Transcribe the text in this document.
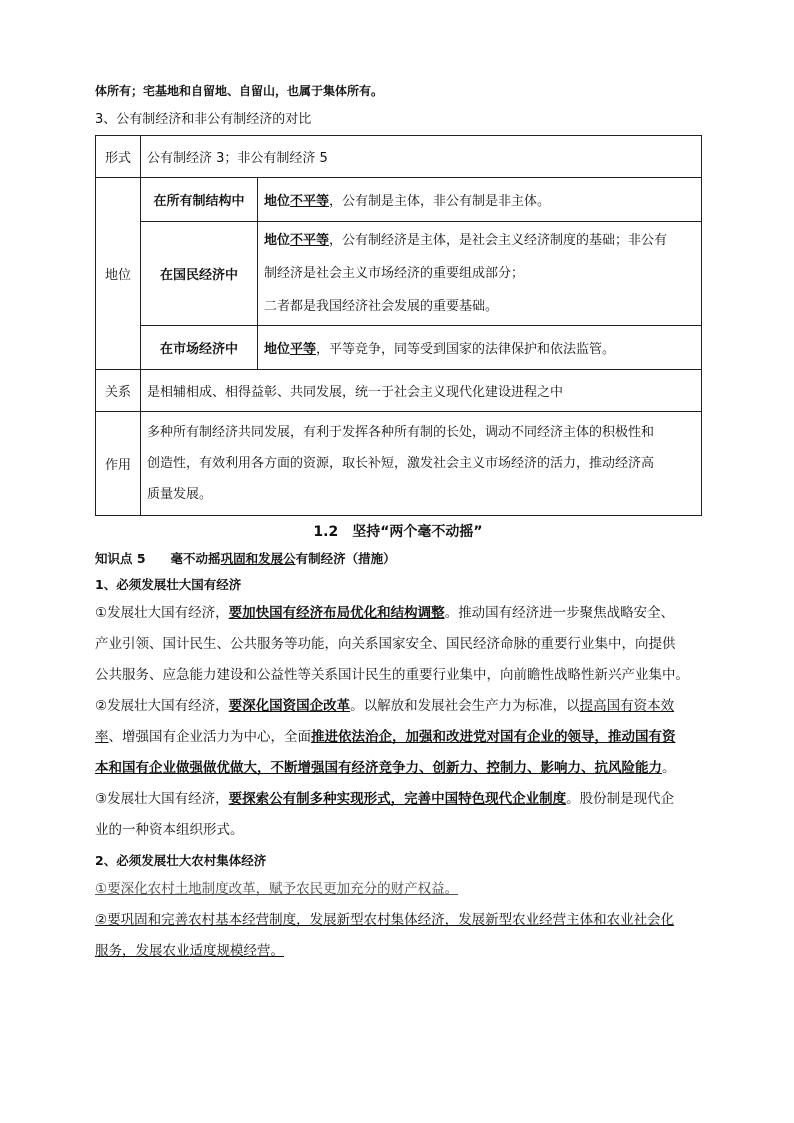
体所有；宅基地和自留地、自留山，也属于集体所有。
3、公有制经济和非公有制经济的对比
形式	公有制经济 3；非公有制经济 5	
地位	在所有制结构中	地位不平等，公有制是主体，非公有制是非主体。
	在国民经济中	地位不平等，公有制经济是主体，是社会主义经济制度的基础；非公有
制经济是社会主义市场经济的重要组成部分；
二者都是我国经济社会发展的重要基础。

	在市场经济中	地位平等，平等竞争，同等受到国家的法律保护和依法监管。
关系	是相辅相成、相得益彰、共同发展，统一于社会主义现代化建设进程之中	
作用	多种所有制经济共同发展，有利于发挥各种所有制的长处，调动不同经济主体的积极性和
创造性，有效利用各方面的资源，取长补短，激发社会主义市场经济的活力，推动经济高
质量发展。	
1.2　坚持“两个毫不动摇”
知识点 5　　毫不动摇巩固和发展公有制经济（措施）
1、必须发展壮大国有经济
①发展壮大国有经济，要加快国有经济布局优化和结构调整。推动国有经济进一步聚焦战略安全、
产业引领、国计民生、公共服务等功能，向关系国家安全、国民经济命脉的重要行业集中，向提供
公共服务、应急能力建设和公益性等关系国计民生的重要行业集中，向前瞻性战略性新兴产业集中。
②发展壮大国有经济，要深化国资国企改革。以解放和发展社会生产力为标准，以提高国有资本效
率、增强国有企业活力为中心，全面推进依法治企，加强和改进党对国有企业的领导，推动国有资
本和国有企业做强做优做大，不断增强国有经济竞争力、创新力、控制力、影响力、抗风险能力。
③发展壮大国有经济，要探索公有制多种实现形式，完善中国特色现代企业制度。股份制是现代企
业的一种资本组织形式。
2、必须发展壮大农村集体经济
①要深化农村土地制度改革，赋予农民更加充分的财产权益。
②要巩固和完善农村基本经营制度，发展新型农村集体经济，发展新型农业经营主体和农业社会化
服务，发展农业适度规模经营。
